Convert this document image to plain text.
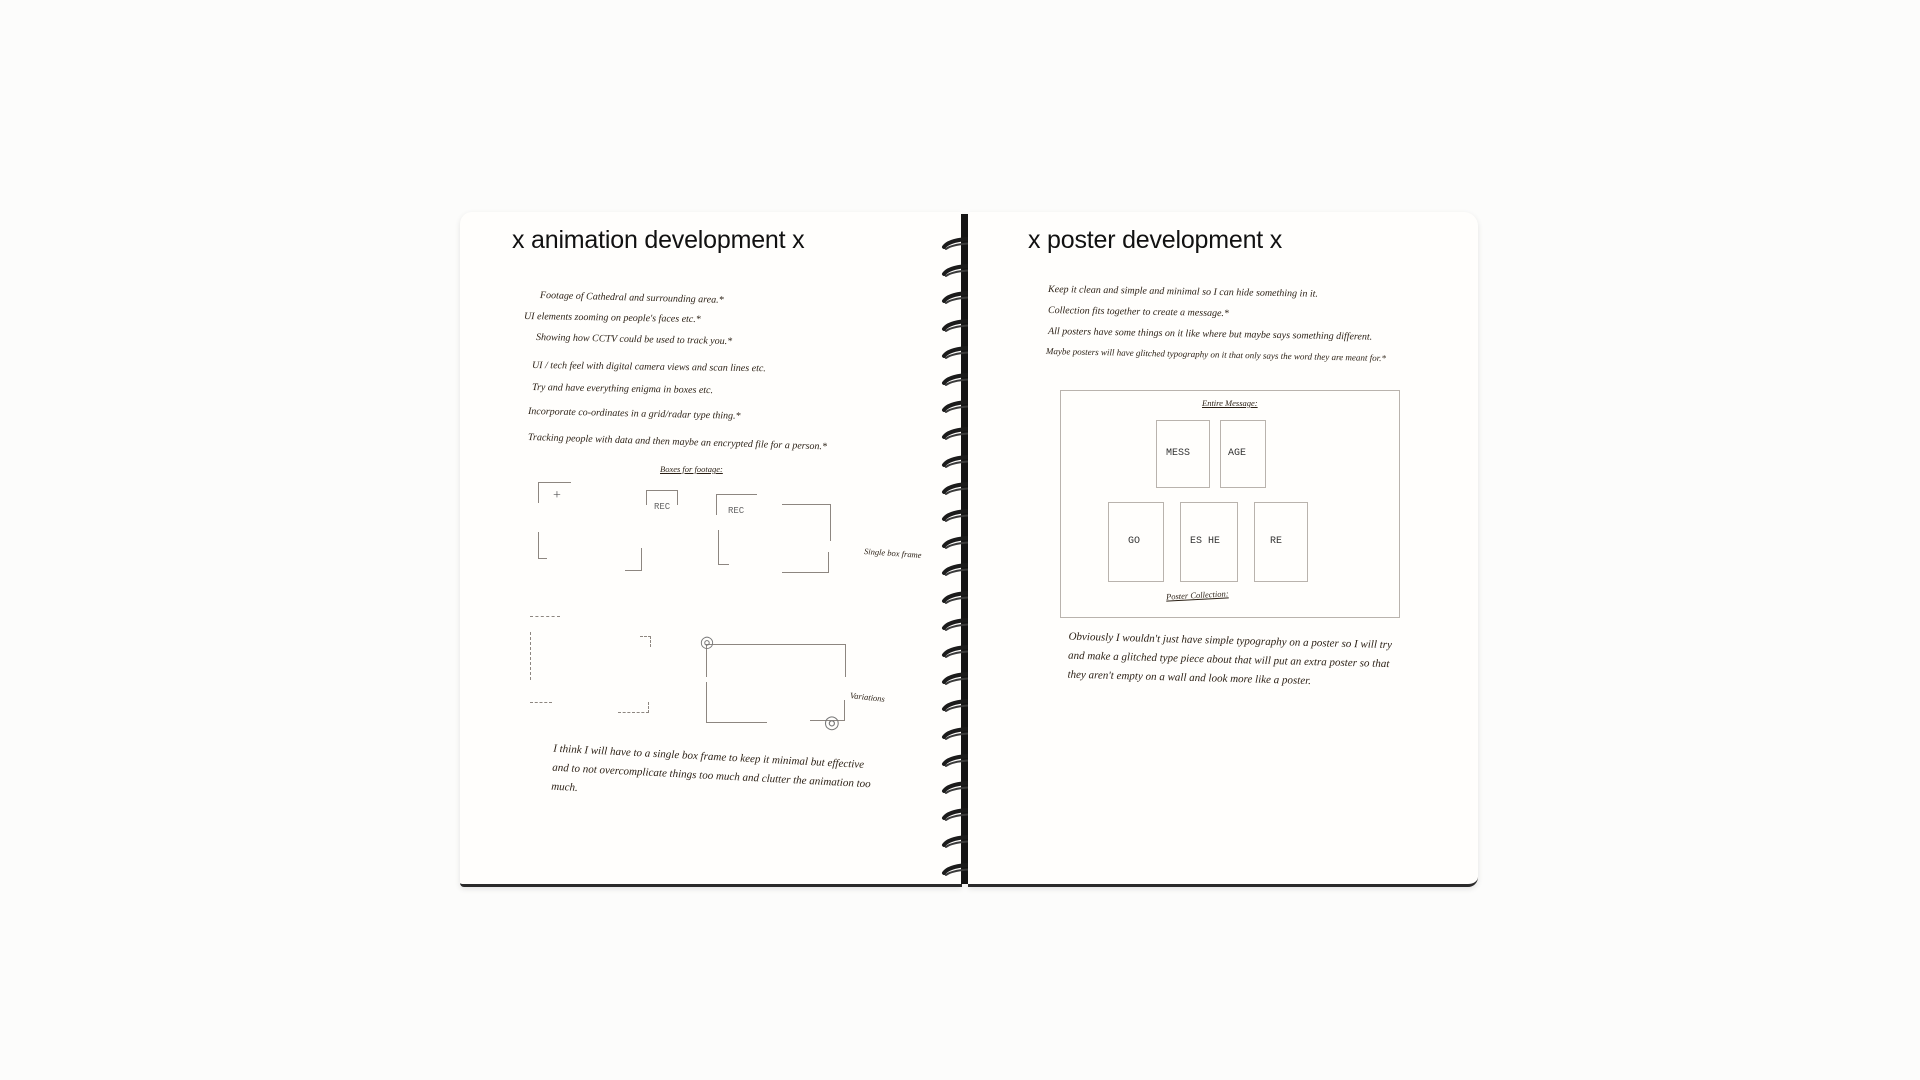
x animation development x
Footage of Cathedral and surrounding area.*
UI elements zooming on people's faces etc.*
Showing how CCTV could be used to track you.*
UI / tech feel with digital camera views and scan lines etc.
Try and have everything enigma in boxes etc.
Incorporate co-ordinates in a grid/radar type thing.*
Tracking people with data and then maybe an encrypted file for a person.*
Boxes for footage:
+
REC	REC
◎
◎
Single box frame
Variations
I think I will have to a single box frame to keep it minimal but effective and to not overcomplicate things too much and clutter the animation too much.
x poster development x
Keep it clean and simple and minimal so I can hide something in it.
Collection fits together to create a message.*
All posters have some things on it like where but maybe says something different.
Maybe posters will have glitched typography on it that only says the word they are meant for.*
Entire Message:
MESS	AGE
GO	ES HE	RE
Poster Collection:
Obviously I wouldn't just have simple typography on a poster so I will try and make a glitched type piece about that will put an extra poster so that they aren't empty on a wall and look more like a poster.
